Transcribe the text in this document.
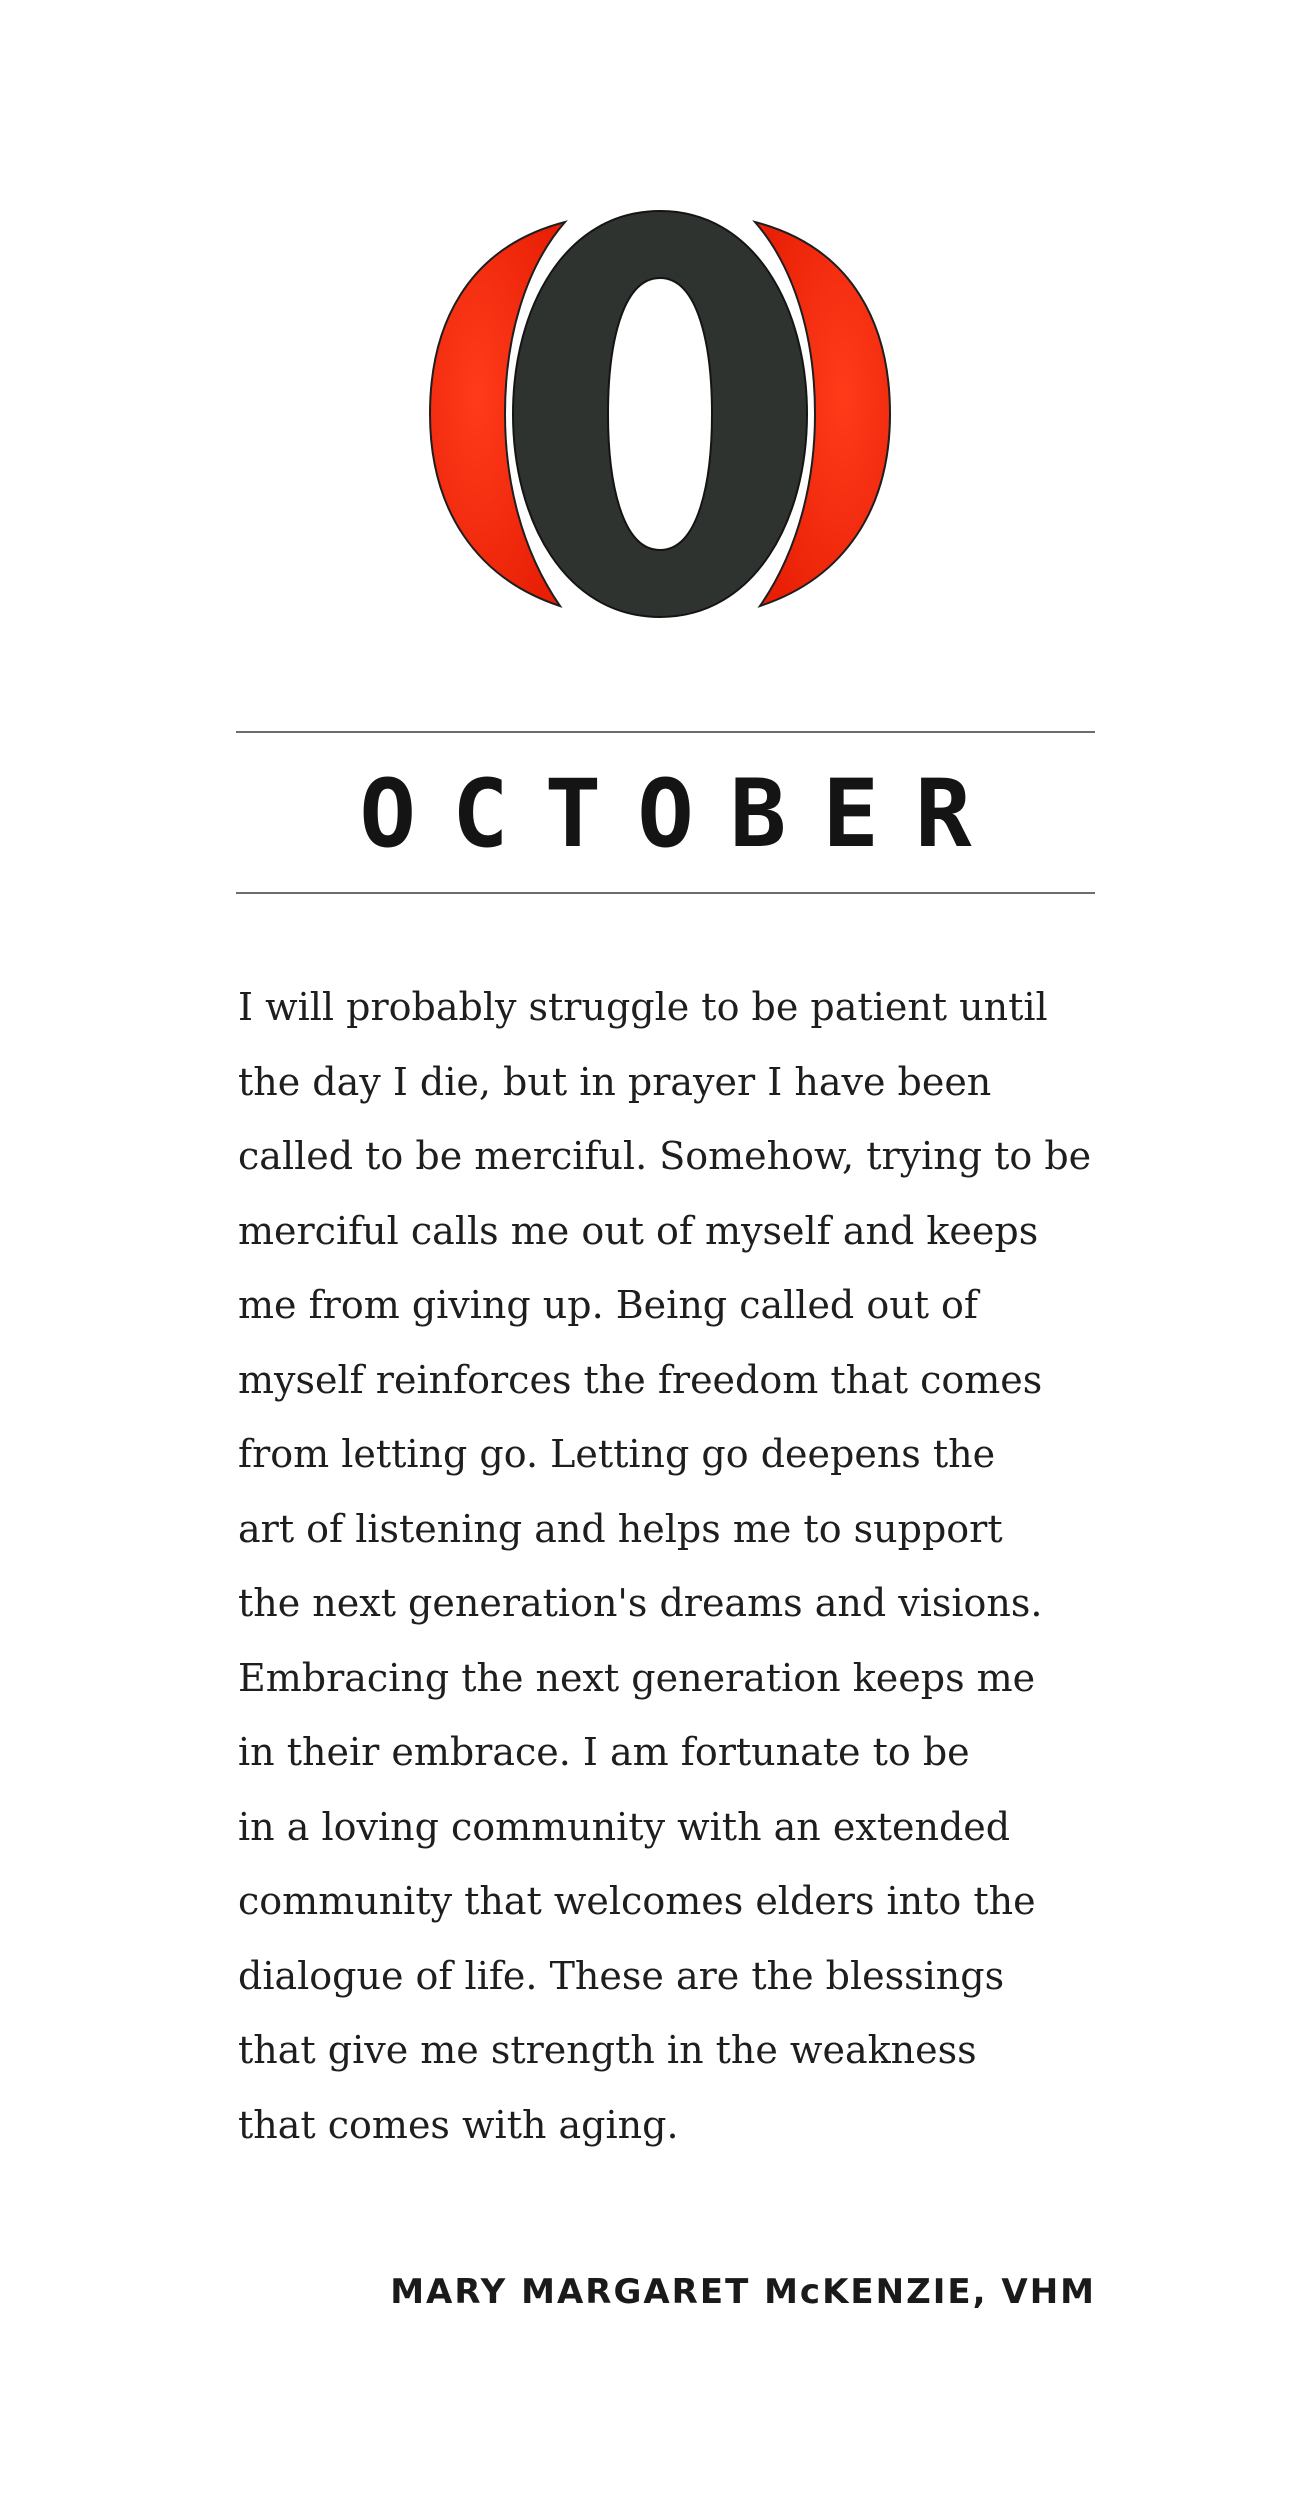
OCTOBER

I will probably struggle to be patient until
the day I die, but in prayer I have been
called to be merciful. Somehow, trying to be
merciful calls me out of myself and keeps
me from giving up. Being called out of
myself reinforces the freedom that comes
from letting go. Letting go deepens the
art of listening and helps me to support
the next generation's dreams and visions.
Embracing the next generation keeps me
in their embrace. I am fortunate to be
in a loving community with an extended
community that welcomes elders into the
dialogue of life. These are the blessings
that give me strength in the weakness
that comes with aging.

MARY MARGARET McKENZIE, VHM
